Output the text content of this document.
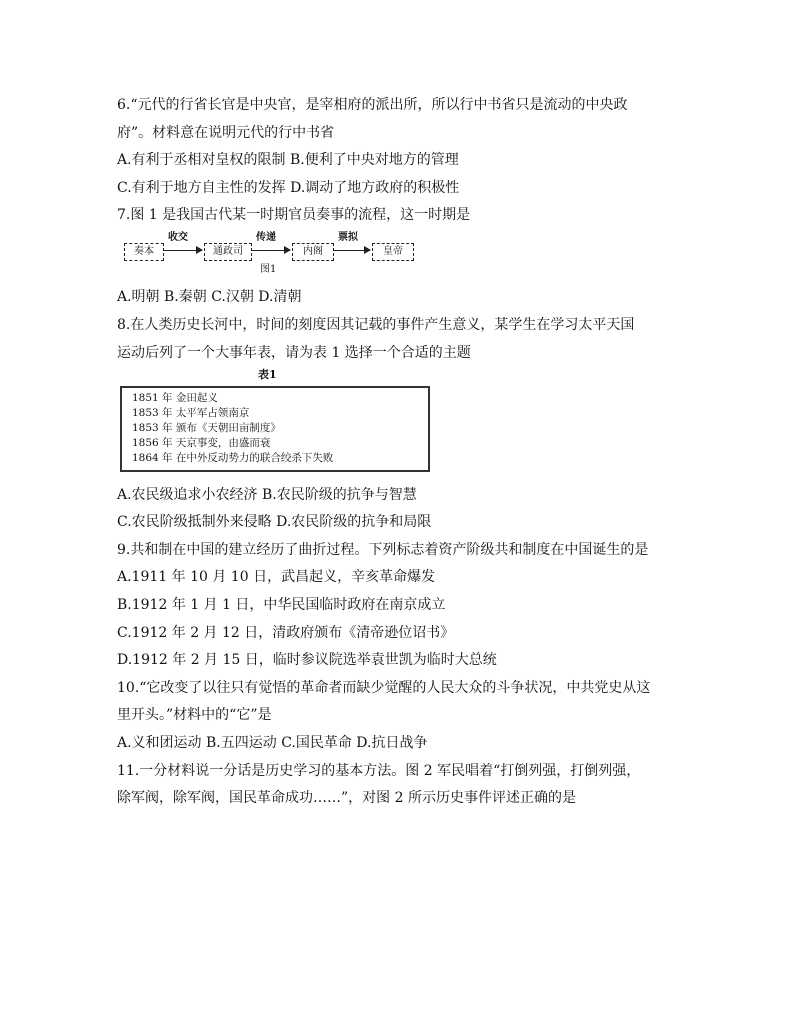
6.“元代的行省长官是中央官，是宰相府的派出所，所以行中书省只是流动的中央政
府”。材料意在说明元代的行中书省
A.有利于丞相对皇权的限制 B.便利了中央对地方的管理
C.有利于地方自主性的发挥 D.调动了地方政府的积极性
7.图 1 是我国古代某一时期官员奏事的流程，这一时期是
奏本
收交
通政司
传递
内阁
票拟
皇帝
图1
A.明朝 B.秦朝 C.汉朝 D.清朝
8.在人类历史长河中，时间的刻度因其记载的事件产生意义，某学生在学习太平天国
运动后列了一个大事年表，请为表 1 选择一个合适的主题
表1
1851 年 金田起义
1853 年 太平军占领南京
1853 年 颁布《天朝田亩制度》
1856 年 天京事变，由盛而衰
1864 年 在中外反动势力的联合绞杀下失败
A.农民级追求小农经济 B.农民阶级的抗争与智慧
C.农民阶级抵制外来侵略 D.农民阶级的抗争和局限
9.共和制在中国的建立经历了曲折过程。下列标志着资产阶级共和制度在中国诞生的是
A.1911 年 10 月 10 日，武昌起义，辛亥革命爆发
B.1912 年 1 月 1 日，中华民国临时政府在南京成立
C.1912 年 2 月 12 日，清政府颁布《清帝逊位诏书》
D.1912 年 2 月 15 日，临时参议院选举袁世凯为临时大总统
10.“它改变了以往只有觉悟的革命者而缺少觉醒的人民大众的斗争状况，中共党史从这
里开头。”材料中的“它”是
A.义和团运动 B.五四运动 C.国民革命 D.抗日战争
11.一分材料说一分话是历史学习的基本方法。图 2 军民唱着“打倒列强，打倒列强，
除军阀，除军阀，国民革命成功……”，对图 2 所示历史事件评述正确的是
